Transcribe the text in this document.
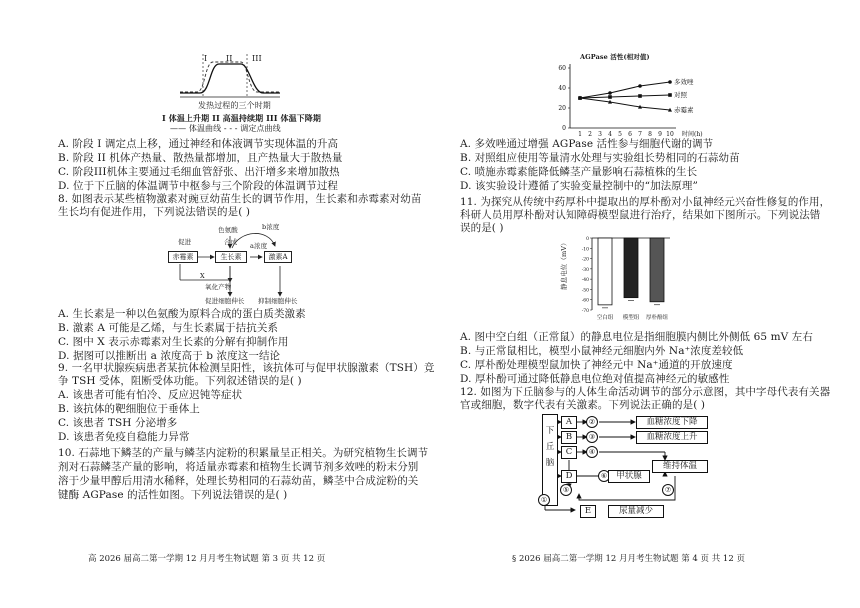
I II III
发热过程的三个时期
I 体温上升期 II 高温持续期 III 体温下降期
—— 体温曲线 - - - 调定点曲线
A. 阶段 I 调定点上移，通过神经和体液调节实现体温的升高
B. 阶段 II 机体产热量、散热量都增加，且产热量大于散热量
C. 阶段III机体主要通过毛细血管舒张、出汗增多来增加散热
D. 位于下丘脑的体温调节中枢参与三个阶段的体温调节过程
8. 如图表示某些植物激素对豌豆幼苗生长的调节作用，生长素和赤霉素对幼苗
生长均有促进作用，下列说法错误的是( )
赤霉素	生长素	激素A
色氨酸
促进	合成
b浓度
a浓度
X
氧化产物
促进细胞伸长 抑制细胞伸长
A. 生长素是一种以色氨酸为原料合成的蛋白质类激素
B. 激素 A 可能是乙烯，与生长素属于拮抗关系
C. 图中 X 表示赤霉素对生长素的分解有抑制作用
D. 据图可以推断出 a 浓度高于 b 浓度这一结论
9. 一名甲状腺疾病患者某抗体检测呈阳性，该抗体可与促甲状腺激素（TSH）竞
争 TSH 受体，阻断受体功能。下列叙述错误的是( )
A. 该患者可能有怕冷、反应迟钝等症状
B. 该抗体的靶细胞位于垂体上
C. 该患者 TSH 分泌增多
D. 该患者免疫自稳能力异常
10. 石蒜地下鳞茎的产量与鳞茎内淀粉的积累量呈正相关。为研究植物生长调节
剂对石蒜鳞茎产量的影响，将适量赤霉素和植物生长调节剂多效唑的粉末分别
溶于少量甲醇后用清水稀释，处理长势相同的石蒜幼苗，鳞茎中合成淀粉的关
键酶 AGPase 的活性如图。下列说法错误的是( )
高 2026 届高二第一学期 12 月月考生物试题 第 3 页 共 12 页
AGPase 活性(相对值)
0
20
40
60
1 2 3 4 5 6 7 8 9 10 时间(h)
多效唑
对照
赤霉素
A. 多效唑通过增强 AGPase 活性参与细胞代谢的调节
B. 对照组应使用等量清水处理与实验组长势相同的石蒜幼苗
C. 喷施赤霉素能降低鳞茎产量影响石蒜植株的生长
D. 该实验设计遵循了实验变量控制中的“加法原理”
11. 为探究从传统中药厚朴中提取出的厚朴酚对小鼠神经元兴奋性修复的作用，
科研人员用厚朴酚对认知障碍模型鼠进行治疗，结果如下图所示。下列说法错
误的是( )
静息电位（mV）	0
-10
-20
-30
-40
-50
-60
-70
空白组 模型组 厚朴酚组
A. 图中空白组（正常鼠）的静息电位是指细胞膜内侧比外侧低 65 mV 左右
B. 与正常鼠相比，模型小鼠神经元细胞内外 Na⁺浓度差较低
C. 厚朴酚处理模型鼠加快了神经元中 Na⁺通道的开放速度
D. 厚朴酚可通过降低静息电位绝对值提高神经元的敏感性
12. 如图为下丘脑参与的人体生命活动调节的部分示意图，其中字母代表有关器
官或细胞，数字代表有关激素。下列说法正确的是( )
下丘脑
A
B
C
D
E
②
③
④
⑥
⑤
①
⑦
血糖浓度下降
血糖浓度上升
甲状腺
维持体温
尿量减少
§ 2026 届高二第一学期 12 月月考生物试题 第 4 页 共 12 页
